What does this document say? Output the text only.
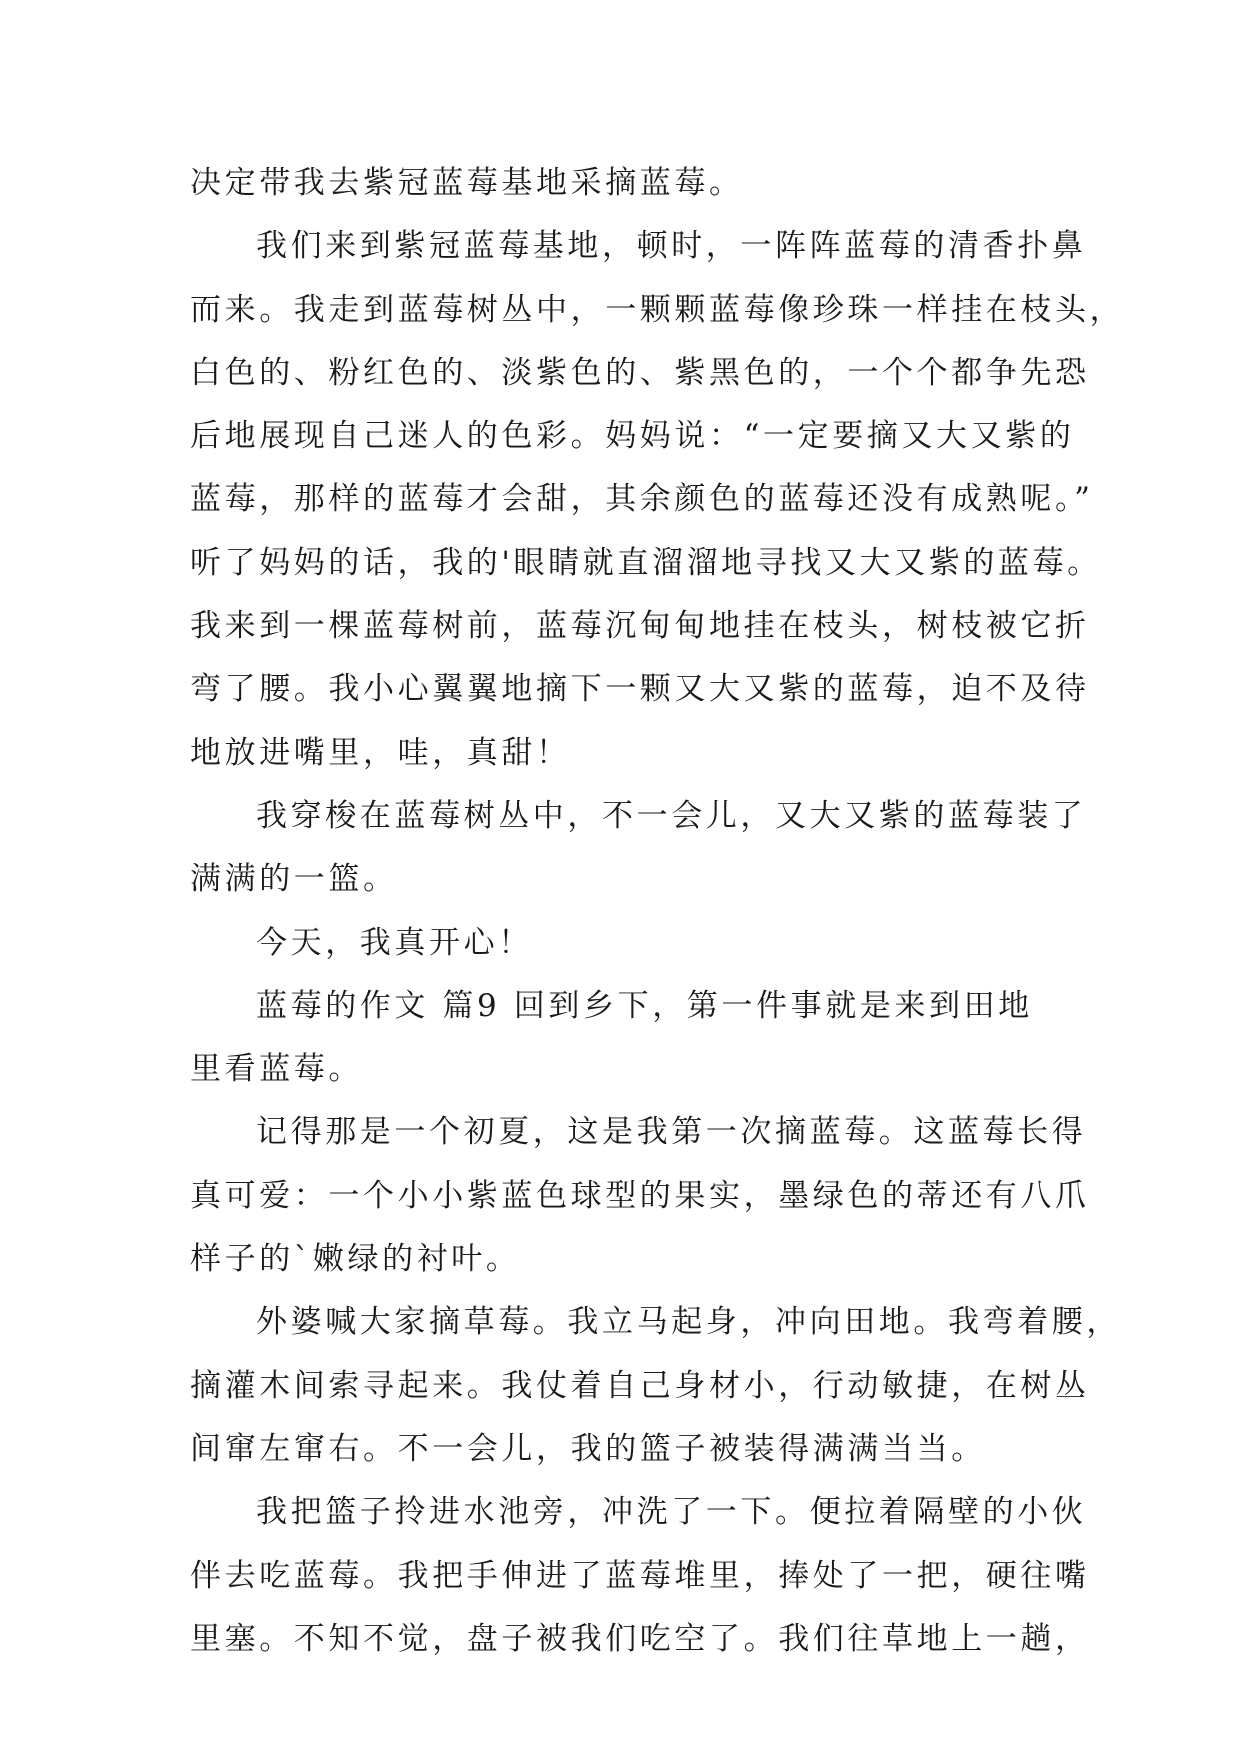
决定带我去紫冠蓝莓基地采摘蓝莓。
我们来到紫冠蓝莓基地，顿时，一阵阵蓝莓的清香扑鼻
而来。我走到蓝莓树丛中，一颗颗蓝莓像珍珠一样挂在枝头，
白色的、粉红色的、淡紫色的、紫黑色的，一个个都争先恐
后地展现自己迷人的色彩。妈妈说：“一定要摘又大又紫的
蓝莓，那样的蓝莓才会甜，其余颜色的蓝莓还没有成熟呢。”
听了妈妈的话，我的'眼睛就直溜溜地寻找又大又紫的蓝莓。
我来到一棵蓝莓树前，蓝莓沉甸甸地挂在枝头，树枝被它折
弯了腰。我小心翼翼地摘下一颗又大又紫的蓝莓，迫不及待
地放进嘴里，哇，真甜！
我穿梭在蓝莓树丛中，不一会儿，又大又紫的蓝莓装了
满满的一篮。
今天，我真开心！
蓝莓的作文 篇9 回到乡下，第一件事就是来到田地
里看蓝莓。
记得那是一个初夏，这是我第一次摘蓝莓。这蓝莓长得
真可爱：一个小小紫蓝色球型的果实，墨绿色的蒂还有八爪
样子的`嫩绿的衬叶。
外婆喊大家摘草莓。我立马起身，冲向田地。我弯着腰，
摘灌木间索寻起来。我仗着自己身材小，行动敏捷，在树丛
间窜左窜右。不一会儿，我的篮子被装得满满当当。
我把篮子拎进水池旁，冲洗了一下。便拉着隔壁的小伙
伴去吃蓝莓。我把手伸进了蓝莓堆里，捧处了一把，硬往嘴
里塞。不知不觉，盘子被我们吃空了。我们往草地上一趟，
